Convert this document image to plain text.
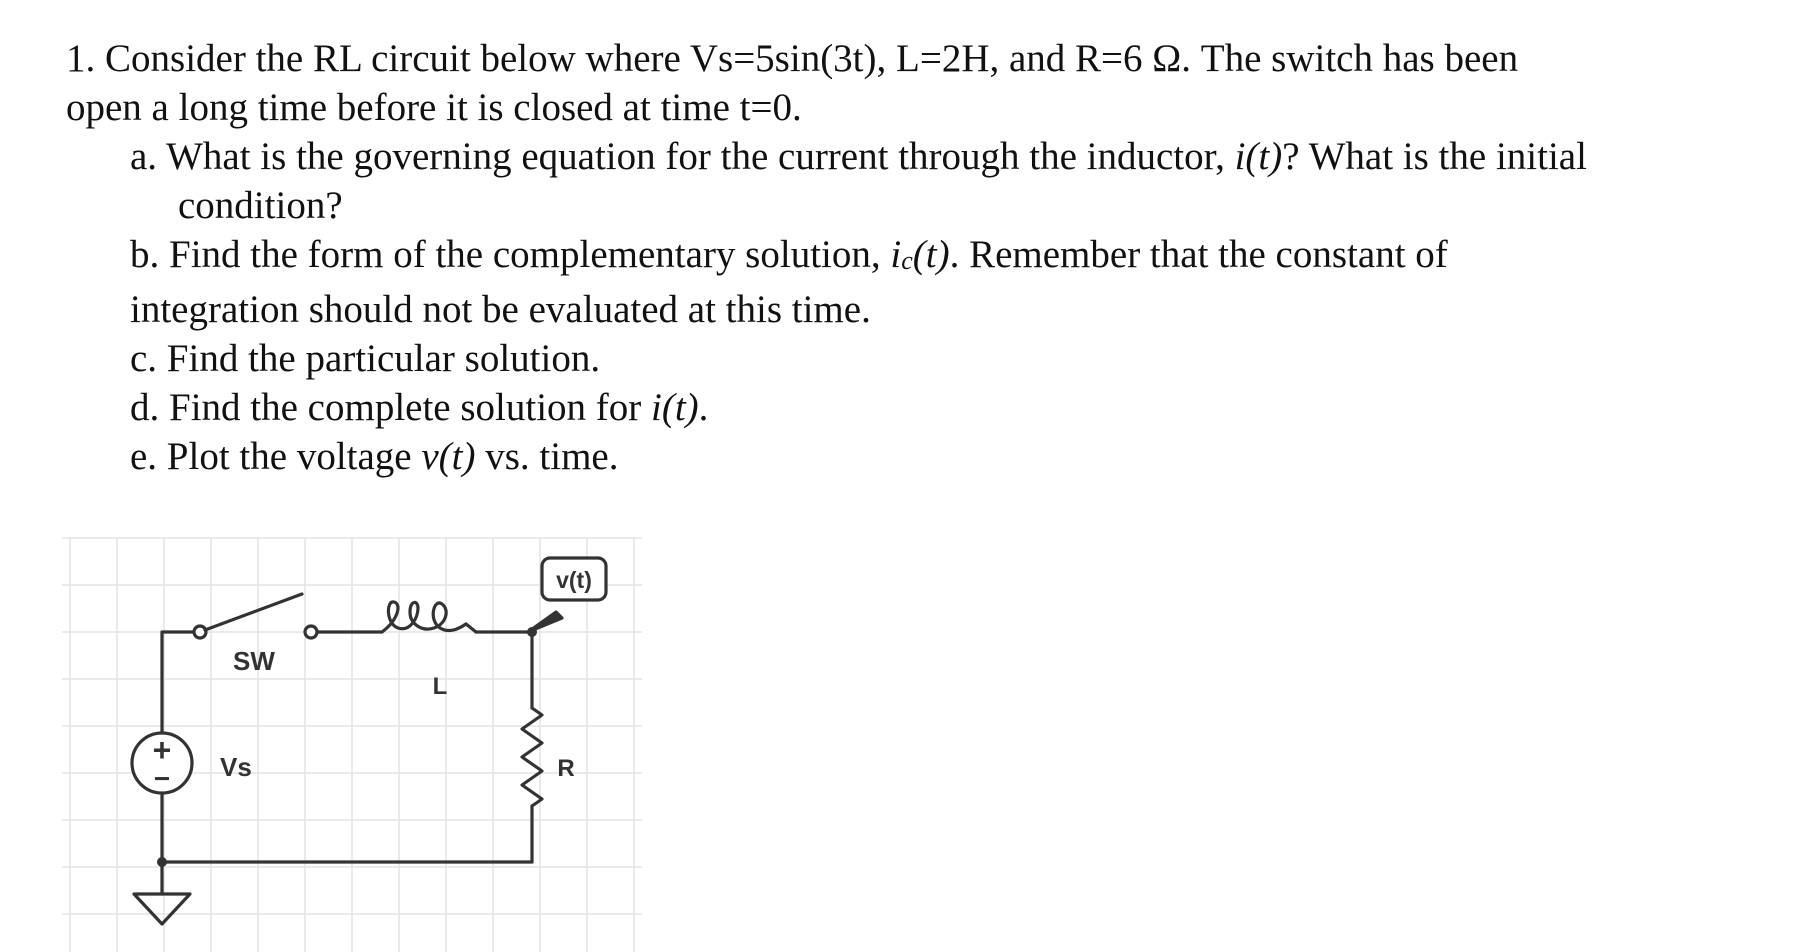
1. Consider the RL circuit below where Vs=5sin(3t), L=2H, and R=6 Ω. The switch has been
open a long time before it is closed at time t=0.

a. What is the governing equation for the current through the inductor, i(t)? What is the initial
condition?

b. Find the form of the complementary solution, ic(t). Remember that the constant of
integration should not be evaluated at this time.

c. Find the particular solution.

d. Find the complete solution for i(t).

e. Plot the voltage v(t) vs. time.

+
−
SW
L
Vs	R
v(t)
